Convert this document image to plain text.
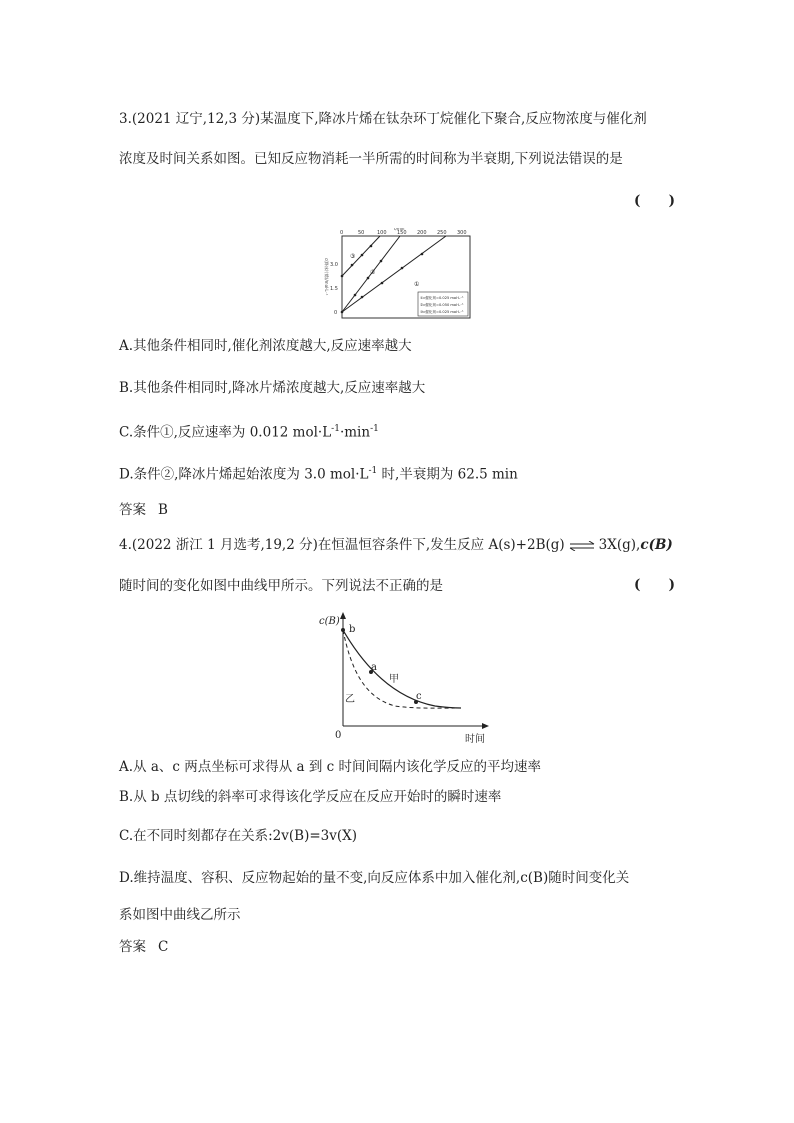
3.(2021 辽宁,12,3 分)某温度下,降冰片烯在钛杂环丁烷催化下聚合,反应物浓度与催化剂
浓度及时间关系如图。已知反应物消耗一半所需的时间称为半衰期,下列说法错误的是
(      )
0	50	100 150 200 250 300
t/min
3.0
1.5
0
c(降冰片烯)/mol·L⁻¹
③
②
①
①c催化剂=0.025 mol·L⁻¹
②c催化剂=0.050 mol·L⁻¹
③c催化剂=0.025 mol·L⁻¹
A.其他条件相同时,催化剂浓度越大,反应速率越大
B.其他条件相同时,降冰片烯浓度越大,反应速率越大
C.条件①,反应速率为 0.012 $mol\cdot L^{-1}\cdot\min^{-1}$
D.条件②,降冰片烯起始浓度为 3.0 $mol\cdot L^{-1}$ 时,半衰期为 62.5 min
答案 B
4.(2022 浙江 1 月选考,19,2 分)在恒温恒容条件下,发生反应 A(s)+2B(g) ⇌ 3X(g),c(B)
随时间的变化如图中曲线甲所示。下列说法不正确的是	(      )
c(B)
0	时间
b
a
c
甲
乙
A.从 a、c 两点坐标可求得从 a 到 c 时间间隔内该化学反应的平均速率
B.从 b 点切线的斜率可求得该化学反应在反应开始时的瞬时速率
C.在不同时刻都存在关系:2v(B)=3v(X)
D.维持温度、容积、反应物起始的量不变,向反应体系中加入催化剂,c(B)随时间变化关
系如图中曲线乙所示
答案 C
